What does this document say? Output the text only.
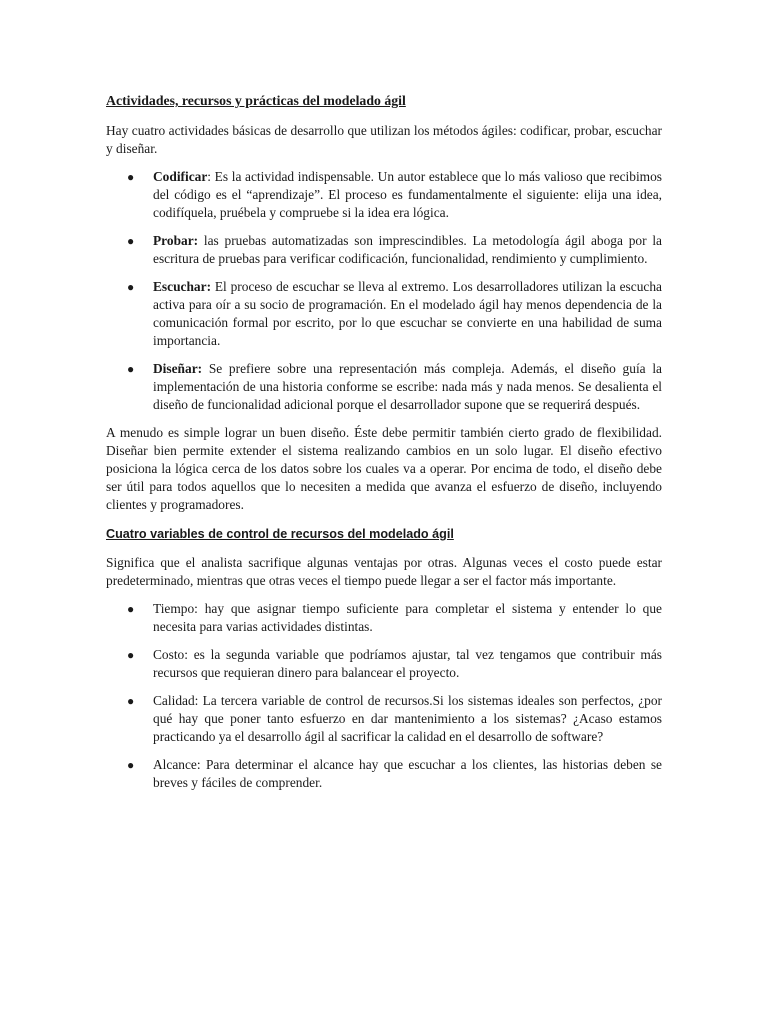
Actividades, recursos y prácticas del modelado ágil

Hay cuatro actividades básicas de desarrollo que utilizan los métodos ágiles: codificar, probar, escuchar y diseñar.

● Codificar: Es la actividad indispensable. Un autor establece que lo más valioso que recibimos del código es el “aprendizaje”. El proceso es fundamentalmente el siguiente: elija una idea, codifíquela, pruébela y compruebe si la idea era lógica.
● Probar: las pruebas automatizadas son imprescindibles. La metodología ágil aboga por la escritura de pruebas para verificar codificación, funcionalidad, rendimiento y cumplimiento.
● Escuchar: El proceso de escuchar se lleva al extremo. Los desarrolladores utilizan la escucha activa para oír a su socio de programación. En el modelado ágil hay menos dependencia de la comunicación formal por escrito, por lo que escuchar se convierte en una habilidad de suma importancia.
● Diseñar: Se prefiere sobre una representación más compleja. Además, el diseño guía la implementación de una historia conforme se escribe: nada más y nada menos. Se desalienta el diseño de funcionalidad adicional porque el desarrollador supone que se requerirá después.

A menudo es simple lograr un buen diseño. Éste debe permitir también cierto grado de flexibilidad. Diseñar bien permite extender el sistema realizando cambios en un solo lugar. El diseño efectivo posiciona la lógica cerca de los datos sobre los cuales va a operar. Por encima de todo, el diseño debe ser útil para todos aquellos que lo necesiten a medida que avanza el esfuerzo de diseño, incluyendo clientes y programadores.

Cuatro variables de control de recursos del modelado ágil

Significa que el analista sacrifique algunas ventajas por otras. Algunas veces el costo puede estar predeterminado, mientras que otras veces el tiempo puede llegar a ser el factor más importante.

● Tiempo: hay que asignar tiempo suficiente para completar el sistema y entender lo que necesita para varias actividades distintas.
● Costo: es la segunda variable que podríamos ajustar, tal vez tengamos que contribuir más recursos que requieran dinero para balancear el proyecto.
● Calidad: La tercera variable de control de recursos.Si los sistemas ideales son perfectos, ¿por qué hay que poner tanto esfuerzo en dar mantenimiento a los sistemas? ¿Acaso estamos practicando ya el desarrollo ágil al sacrificar la calidad en el desarrollo de software?
● Alcance: Para determinar el alcance hay que escuchar a los clientes, las historias deben se breves y fáciles de comprender.
